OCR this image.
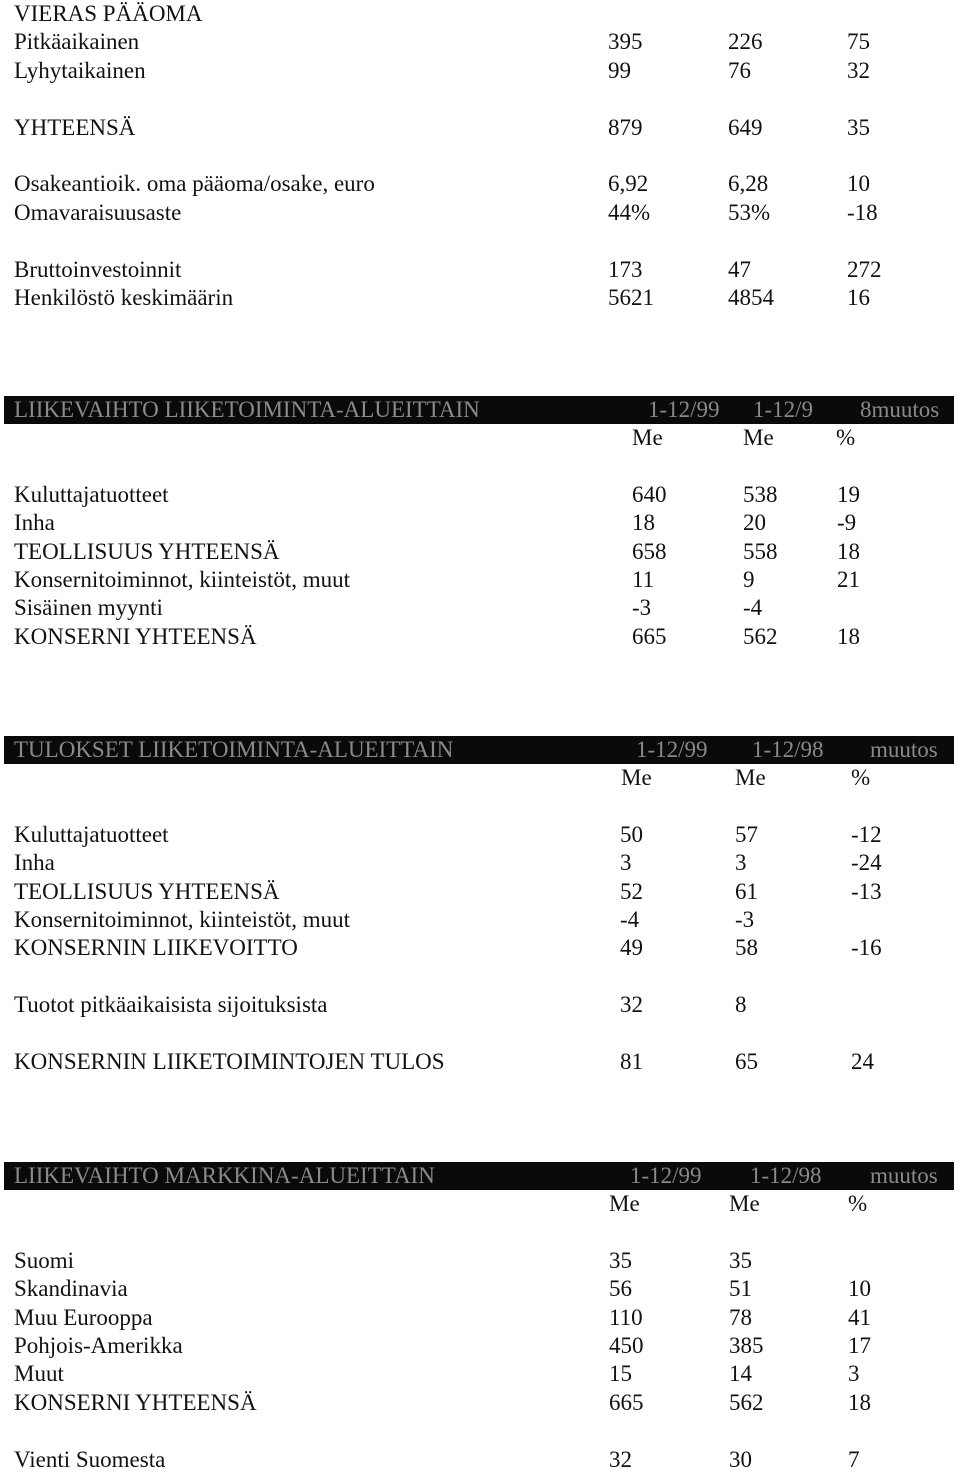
VIERAS PÄÄOMA
Pitkäaikainen	395	226	75
Lyhytaikainen	99	76	32
YHTEENSÄ	879	649	35
Osakeantioik. oma pääoma/osake, euro	6,92	6,28	10
Omavaraisuusaste	44%	53%	-18
Bruttoinvestoinnit	173	47	272
Henkilöstö keskimäärin	5621	4854	16
LIIKEVAIHTO LIIKETOIMINTA-ALUEITTAIN	1-12/99 1-12/9 8muutos
Me	Me	%
Kuluttajatuotteet	640	538	19
Inha	18	20	-9
TEOLLISUUS YHTEENSÄ	658	558	18
Konsernitoiminnot, kiinteistöt, muut	11	9	21
Sisäinen myynti	-3	-4
KONSERNI YHTEENSÄ	665	562	18
TULOKSET LIIKETOIMINTA-ALUEITTAIN	1-12/99 1-12/98 muutos
Me	Me	%
Kuluttajatuotteet	50	57	-12
Inha	3	3	-24
TEOLLISUUS YHTEENSÄ	52	61	-13
Konsernitoiminnot, kiinteistöt, muut	-4	-3
KONSERNIN LIIKEVOITTO	49	58	-16
Tuotot pitkäaikaisista sijoituksista	32	8
KONSERNIN LIIKETOIMINTOJEN TULOS	81	65	24
LIIKEVAIHTO MARKKINA-ALUEITTAIN	1-12/99 1-12/98 muutos
Me	Me	%
Suomi	35	35
Skandinavia	56	51	10
Muu Eurooppa	110	78	41
Pohjois-Amerikka	450	385	17
Muut	15	14	3
KONSERNI YHTEENSÄ	665	562	18
Vienti Suomesta	32	30	7
